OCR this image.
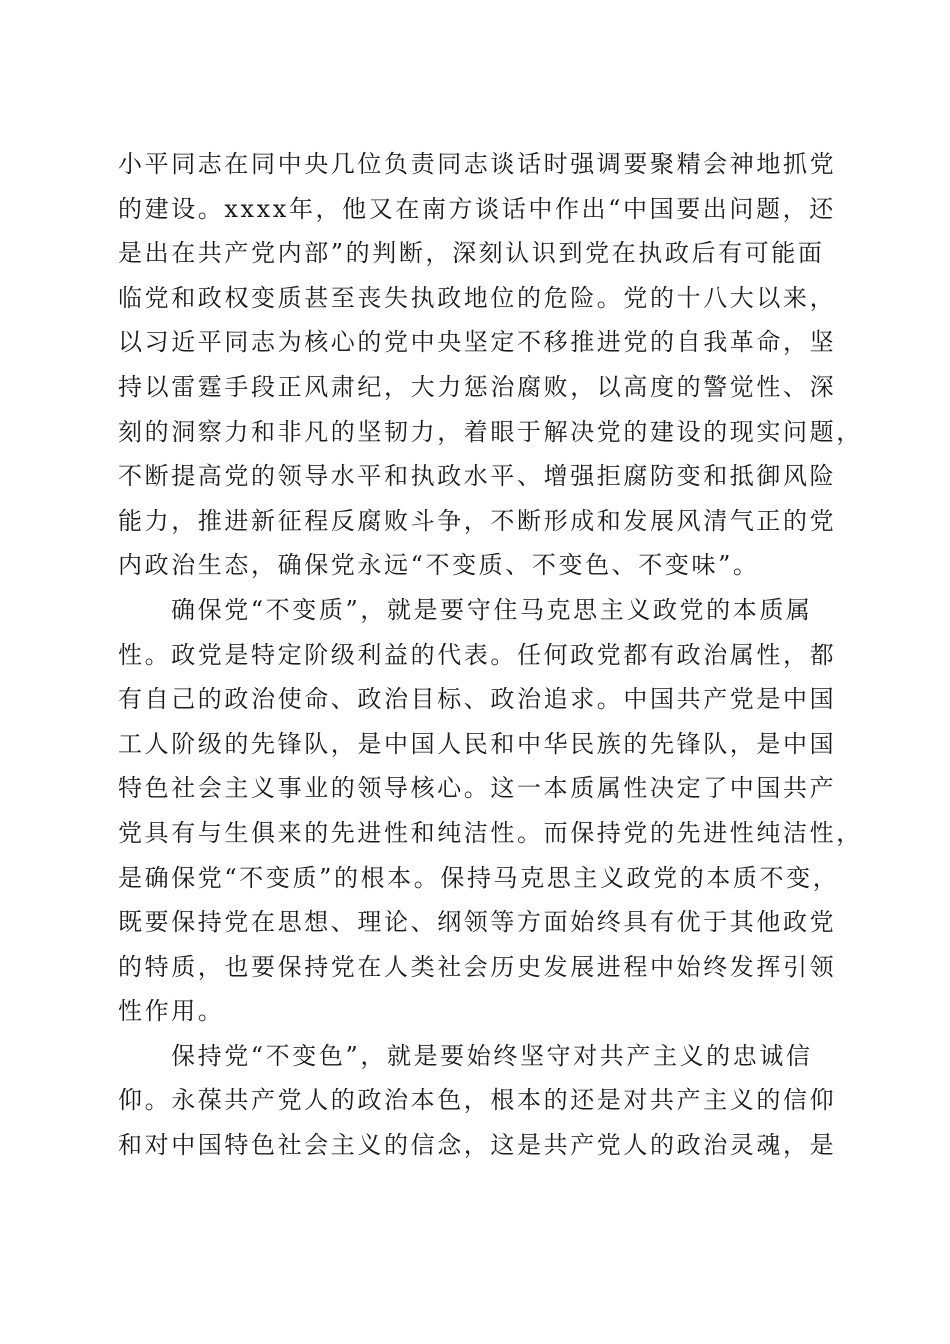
小平同志在同中央几位负责同志谈话时强调要聚精会神地抓党
的建设。xxxx年，他又在南方谈话中作出“中国要出问题，还
是出在共产党内部”的判断，深刻认识到党在执政后有可能面
临党和政权变质甚至丧失执政地位的危险。党的十八大以来，
以习近平同志为核心的党中央坚定不移推进党的自我革命，坚
持以雷霆手段正风肃纪，大力惩治腐败，以高度的警觉性、深
刻的洞察力和非凡的坚韧力，着眼于解决党的建设的现实问题，
不断提高党的领导水平和执政水平、增强拒腐防变和抵御风险
能力，推进新征程反腐败斗争，不断形成和发展风清气正的党
内政治生态，确保党永远“不变质、不变色、不变味”。
确保党“不变质”，就是要守住马克思主义政党的本质属
性。政党是特定阶级利益的代表。任何政党都有政治属性，都
有自己的政治使命、政治目标、政治追求。中国共产党是中国
工人阶级的先锋队，是中国人民和中华民族的先锋队，是中国
特色社会主义事业的领导核心。这一本质属性决定了中国共产
党具有与生俱来的先进性和纯洁性。而保持党的先进性纯洁性，
是确保党“不变质”的根本。保持马克思主义政党的本质不变，
既要保持党在思想、理论、纲领等方面始终具有优于其他政党
的特质，也要保持党在人类社会历史发展进程中始终发挥引领
性作用。
保持党“不变色”，就是要始终坚守对共产主义的忠诚信
仰。永葆共产党人的政治本色，根本的还是对共产主义的信仰
和对中国特色社会主义的信念，这是共产党人的政治灵魂，是
